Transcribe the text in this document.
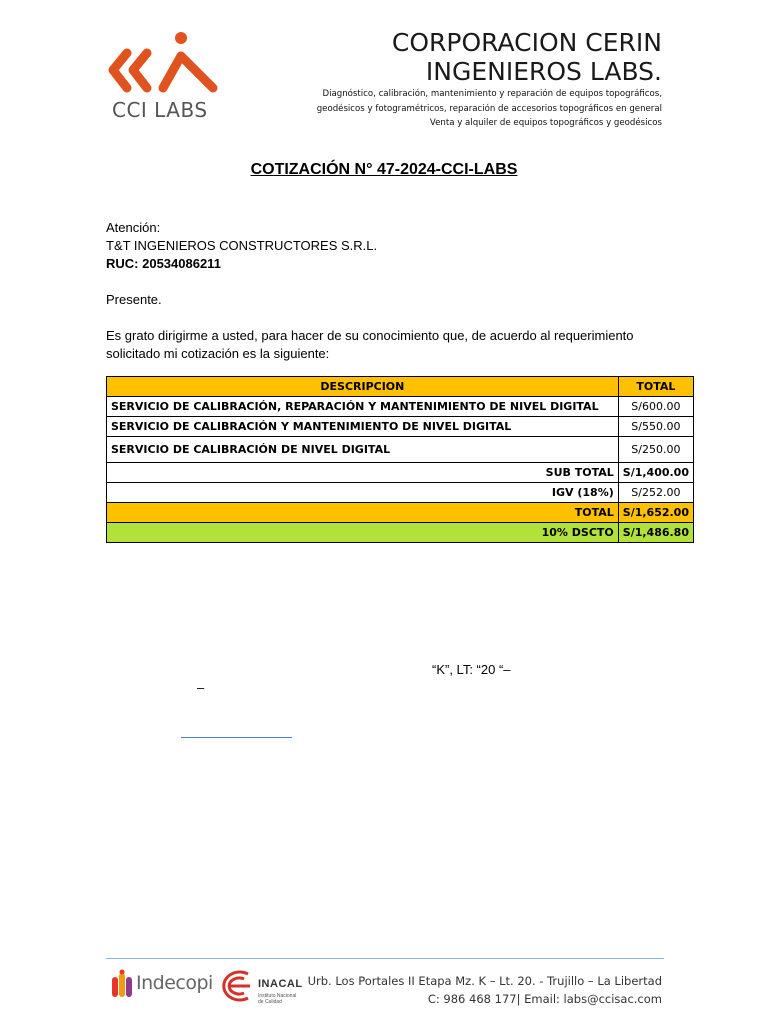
CCI LABS
CORPORACION CERIN
INGENIEROS LABS.
Diagnóstico, calibración, mantenimiento y reparación de equipos topográficos,
geodésicos y fotogramétricos, reparación de accesorios topográficos en general
Venta y alquiler de equipos topográficos y geodésicos
COTIZACIÓN N° 47-2024-CCI-LABS
Atención:
T&T INGENIEROS CONSTRUCTORES S.R.L.
RUC: 20534086211
Presente.
Es grato dirigirme a usted, para hacer de su conocimiento que, de acuerdo al requerimiento
solicitado mi cotización es la siguiente:
DESCRIPCION	TOTAL
SERVICIO DE CALIBRACIÓN, REPARACIÓN Y MANTENIMIENTO DE NIVEL DIGITAL	S/600.00
SERVICIO DE CALIBRACIÓN Y MANTENIMIENTO DE NIVEL DIGITAL	S/550.00
SERVICIO DE CALIBRACIÓN DE NIVEL DIGITAL	S/250.00
SUB TOTAL	S/1,400.00
IGV (18%)	S/252.00
TOTAL	S/1,652.00
10% DSCTO	S/1,486.80
“K”, LT: “20 “–
–
Indecopi	INACAL
Instituto Nacional
de Calidad
Urb. Los Portales II Etapa Mz. K – Lt. 20. - Trujillo – La Libertad
C: 986 468 177| Email: labs@ccisac.com
